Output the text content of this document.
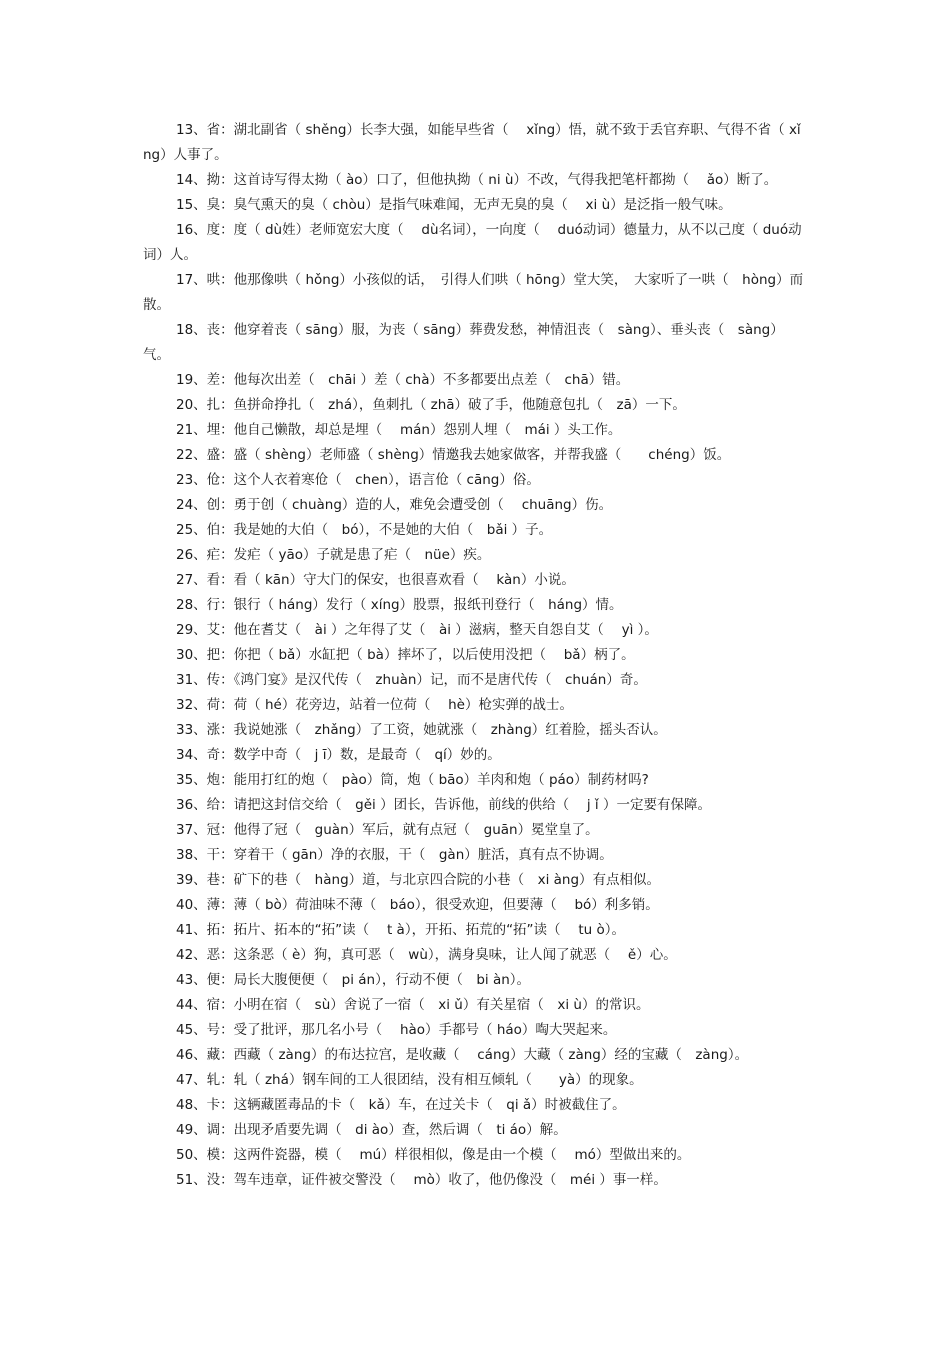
13、省：湖北副省（ shěng）长李大强，如能早些省（　 xǐng）悟，就不致于丢官弃职、气得不省（ xǐng）人事了。
14、拗：这首诗写得太拗（ ào）口了，但他执拗（ ni ù）不改，气得我把笔杆都拗（　 ǎo）断了。
15、臭：臭气熏天的臭（ chòu）是指气味难闻，无声无臭的臭（　 xi ù）是泛指一般气味。
16、度：度（ dù姓）老师宽宏大度（　 dù名词），一向度（　 duó动词）德量力，从不以己度（ duó动词）人。
17、哄：他那像哄（ hǒng）小孩似的话，　引得人们哄（ hōng）堂大笑，　大家听了一哄（　hòng）而散。
18、丧：他穿着丧（ sāng）服，为丧（ sāng）葬费发愁，神情沮丧（　sàng）、垂头丧（　sàng）气。
19、差：他每次出差（　chāi ）差（ chà）不多都要出点差（　chā）错。
20、扎：鱼拼命挣扎（　zhá），鱼刺扎（ zhā）破了手，他随意包扎（　zā）一下。
21、埋：他自己懒散，却总是埋（　 mán）怨别人埋（　mái ）头工作。
22、盛：盛（ shèng）老师盛（ shèng）情邀我去她家做客，并帮我盛（　　chéng）饭。
23、伧：这个人衣着寒伧（　chen），语言伧（ cāng）俗。
24、创：勇于创（ chuàng）造的人，难免会遭受创（　 chuāng）伤。
25、伯：我是她的大伯（　bó），不是她的大伯（　bǎi ）子。
26、疟：发疟（ yāo）子就是患了疟（　nüe）疾。
27、看：看（ kān）守大门的保安，也很喜欢看（　 kàn）小说。
28、行：银行（ háng）发行（ xíng）股票，报纸刊登行（　háng）情。
29、艾：他在耆艾（　ài ）之年得了艾（　ài ）滋病，整天自怨自艾（　 yì ）。
30、把：你把（ bǎ）水缸把（ bà）摔坏了，以后使用没把（　 bǎ）柄了。
31、传：《鸿门宴》是汉代传（　zhuàn）记，而不是唐代传（　chuán）奇。
32、荷：荷（ hé）花旁边，站着一位荷（　 hè）枪实弹的战士。
33、涨：我说她涨（　zhǎng）了工资，她就涨（　zhàng）红着脸，摇头否认。
34、奇：数学中奇（　j ī）数，是最奇（　qí）妙的。
35、炮：能用打红的炮（　pào）筒，炮（ bāo）羊肉和炮（ páo）制药材吗?
36、给：请把这封信交给（　gěi ）团长，告诉他，前线的供给（　 j ǐ ）一定要有保障。
37、冠：他得了冠（　guàn）军后，就有点冠（　guān）冕堂皇了。
38、干：穿着干（ gān）净的衣服，干（　gàn）脏活，真有点不协调。
39、巷：矿下的巷（　hàng）道，与北京四合院的小巷（　xi àng）有点相似。
40、薄：薄（ bò）荷油味不薄（　báo），很受欢迎，但要薄（　 bó）利多销。
41、拓：拓片、拓本的“拓”读（　 t à），开拓、拓荒的“拓”读（　 tu ò）。
42、恶：这条恶（ è）狗，真可恶（　wù），满身臭味，让人闻了就恶（　 ě）心。
43、便：局长大腹便便（　pi án），行动不便（　bi àn）。
44、宿：小明在宿（　sù）舍说了一宿（　xi ǔ）有关星宿（　xi ù）的常识。
45、号：受了批评，那几名小号（　 hào）手都号（ háo）啕大哭起来。
46、藏：西藏（ zàng）的布达拉宫，是收藏（　 cáng）大藏（ zàng）经的宝藏（　zàng）。
47、轧：轧（ zhá）钢车间的工人很团结，没有相互倾轧（　　yà）的现象。
48、卡：这辆藏匿毒品的卡（　kǎ）车，在过关卡（　qi ǎ）时被截住了。
49、调：出现矛盾要先调（　di ào）查，然后调（　ti áo）解。
50、模：这两件瓷器，模（　 mú）样很相似，像是由一个模（　 mó）型做出来的。
51、没：驾车违章，证件被交警没（　 mò）收了，他仍像没（　méi ）事一样。
